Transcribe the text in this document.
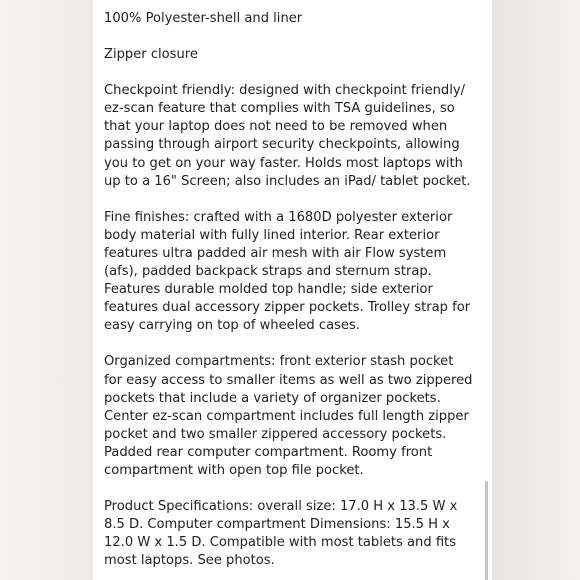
100% Polyester-shell and liner

Zipper closure

Checkpoint friendly: designed with checkpoint friendly/
ez-scan feature that complies with TSA guidelines, so
that your laptop does not need to be removed when
passing through airport security checkpoints, allowing
you to get on your way faster. Holds most laptops with
up to a 16" Screen; also includes an iPad/ tablet pocket.

Fine finishes: crafted with a 1680D polyester exterior
body material with fully lined interior. Rear exterior
features ultra padded air mesh with air Flow system
(afs), padded backpack straps and sternum strap.
Features durable molded top handle; side exterior
features dual accessory zipper pockets. Trolley strap for
easy carrying on top of wheeled cases.

Organized compartments: front exterior stash pocket
for easy access to smaller items as well as two zippered
pockets that include a variety of organizer pockets.
Center ez-scan compartment includes full length zipper
pocket and two smaller zippered accessory pockets.
Padded rear computer compartment. Roomy front
compartment with open top file pocket.

Product Specifications: overall size: 17.0 H x 13.5 W x
8.5 D. Computer compartment Dimensions: 15.5 H x
12.0 W x 1.5 D. Compatible with most tablets and fits
most laptops. See photos.
